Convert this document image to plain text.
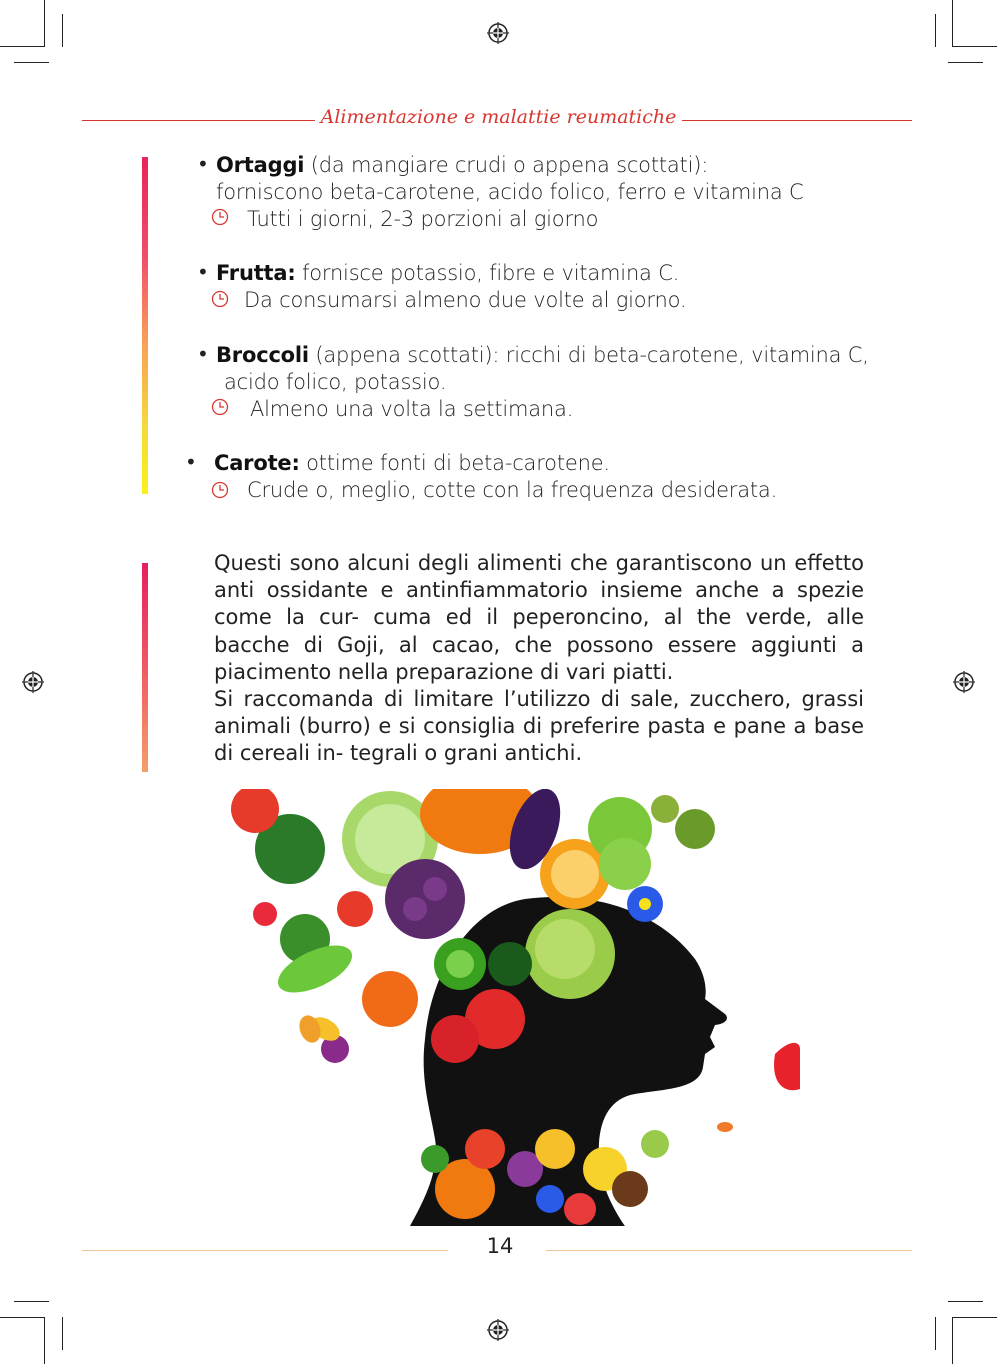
Alimentazione e malattie reumatiche
• Ortaggi (da mangiare crudi o appena scottati):
forniscono beta-carotene, acido folico, ferro e vitamina C
Tutti i giorni, 2-3 porzioni al giorno
• Frutta: fornisce potassio, fibre e vitamina C.
Da consumarsi almeno due volte al giorno.
• Broccoli (appena scottati): ricchi di beta-carotene, vitamina C,
acido folico, potassio.
Almeno una volta la settimana.
• Carote: ottime fonti di beta-carotene.
Crude o, meglio, cotte con la frequenza desiderata.

Questi sono alcuni degli alimenti che garantiscono un effetto anti ossidante e antinfiammatorio insieme anche a spezie come la cur- cuma ed il peperoncino, al the verde, alle bacche di Goji, al cacao, che possono essere aggiunti a piacimento nella preparazione di vari piatti.

Si raccomanda di limitare l’utilizzo di sale, zucchero, grassi animali (burro) e si consiglia di preferire pasta e pane a base di cereali in- tegrali o grani antichi.

14
